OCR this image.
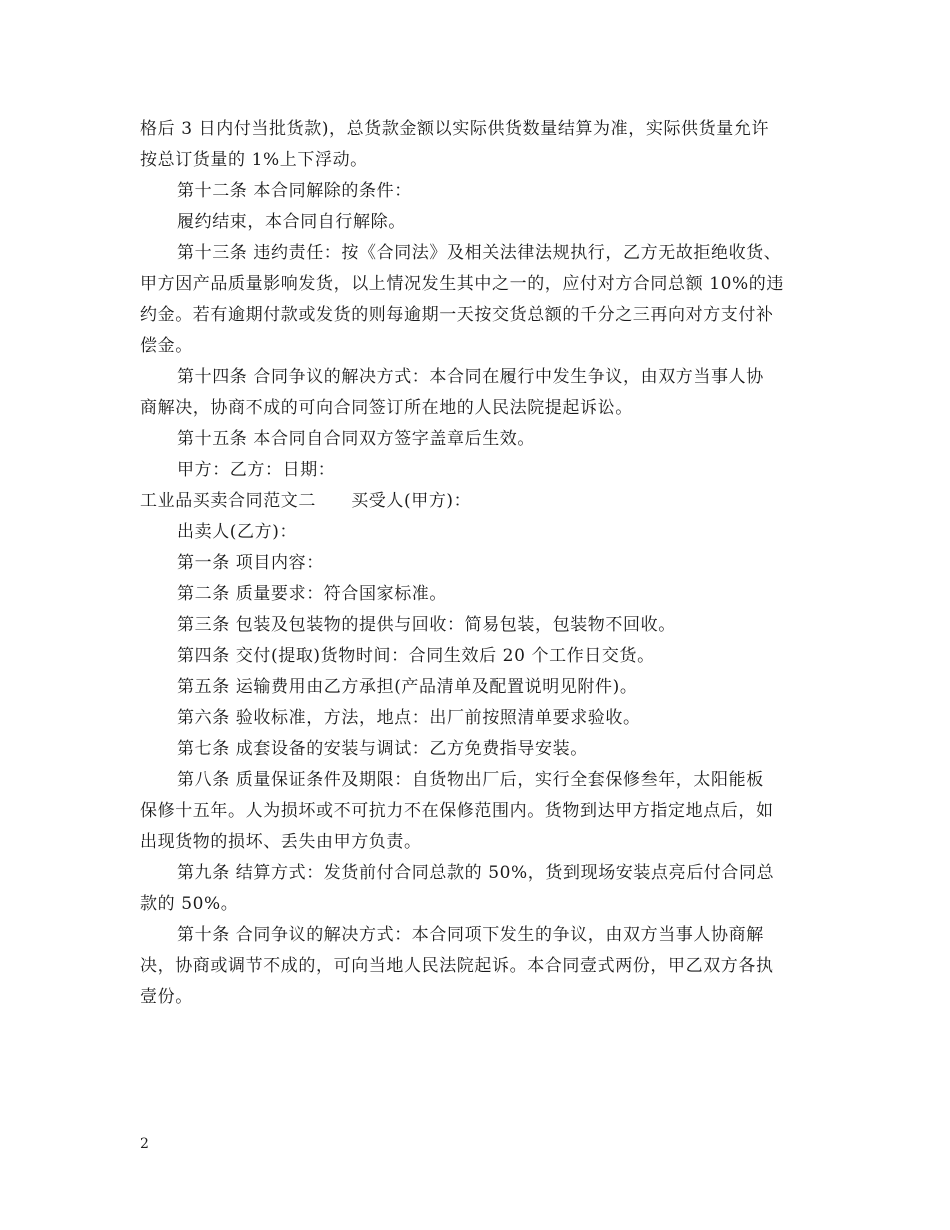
格后 3 日内付当批货款)，总货款金额以实际供货数量结算为准，实际供货量允许
按总订货量的 1%上下浮动。
第十二条 本合同解除的条件：
履约结束，本合同自行解除。
第十三条 违约责任：按《合同法》及相关法律法规执行，乙方无故拒绝收货、
甲方因产品质量影响发货，以上情况发生其中之一的，应付对方合同总额 10%的违
约金。若有逾期付款或发货的则每逾期一天按交货总额的千分之三再向对方支付补
偿金。
第十四条 合同争议的解决方式：本合同在履行中发生争议，由双方当事人协
商解决，协商不成的可向合同签订所在地的人民法院提起诉讼。
第十五条 本合同自合同双方签字盖章后生效。
甲方：乙方：日期：
工业品买卖合同范文二　　买受人(甲方)：
出卖人(乙方)：
第一条 项目内容：
第二条 质量要求：符合国家标准。
第三条 包装及包装物的提供与回收：简易包装，包装物不回收。
第四条 交付(提取)货物时间：合同生效后 20 个工作日交货。
第五条 运输费用由乙方承担(产品清单及配置说明见附件)。
第六条 验收标准，方法，地点：出厂前按照清单要求验收。
第七条 成套设备的安装与调试：乙方免费指导安装。
第八条 质量保证条件及期限：自货物出厂后，实行全套保修叁年，太阳能板
保修十五年。人为损坏或不可抗力不在保修范围内。货物到达甲方指定地点后，如
出现货物的损坏、丢失由甲方负责。
第九条 结算方式：发货前付合同总款的 50%，货到现场安装点亮后付合同总
款的 50%。
第十条 合同争议的解决方式：本合同项下发生的争议，由双方当事人协商解
决，协商或调节不成的，可向当地人民法院起诉。本合同壹式两份，甲乙双方各执
壹份。
2
